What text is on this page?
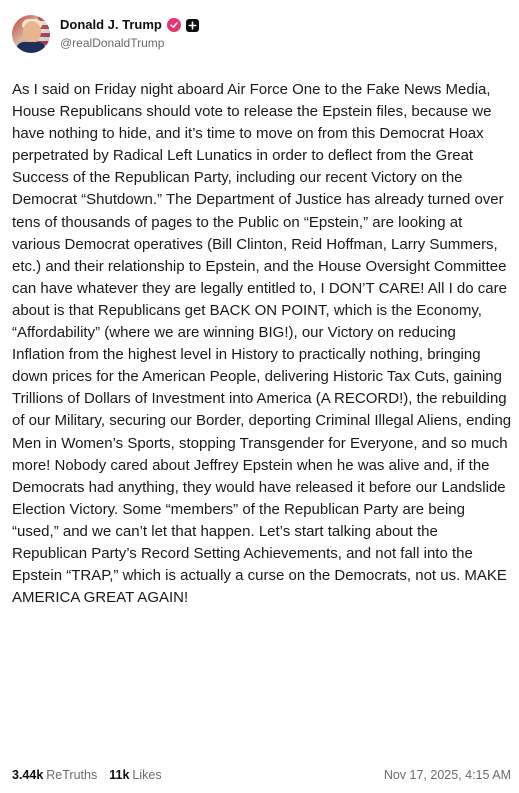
Donald J. Trump
@realDonaldTrump

As I said on Friday night aboard Air Force One to the Fake News Media, House Republicans should vote to release the Epstein files, because we have nothing to hide, and it’s time to move on from this Democrat Hoax perpetrated by Radical Left Lunatics in order to deflect from the Great Success of the Republican Party, including our recent Victory on the Democrat “Shutdown.” The Department of Justice has already turned over tens of thousands of pages to the Public on “Epstein,” are looking at various Democrat operatives (Bill Clinton, Reid Hoffman, Larry Summers, etc.) and their relationship to Epstein, and the House Oversight Committee can have whatever they are legally entitled to, I DON’T CARE! All I do care about is that Republicans get BACK ON POINT, which is the Economy, “Affordability” (where we are winning BIG!), our Victory on reducing Inflation from the highest level in History to practically nothing, bringing down prices for the American People, delivering Historic Tax Cuts, gaining Trillions of Dollars of Investment into America (A RECORD!), the rebuilding of our Military, securing our Border, deporting Criminal Illegal Aliens, ending Men in Women’s Sports, stopping Transgender for Everyone, and so much more! Nobody cared about Jeffrey Epstein when he was alive and, if the Democrats had anything, they would have released it before our Landslide Election Victory. Some “members” of the Republican Party are being “used,” and we can’t let that happen. Let’s start talking about the Republican Party’s Record Setting Achievements, and not fall into the Epstein “TRAP,” which is actually a curse on the Democrats, not us. MAKE AMERICA GREAT AGAIN!

3.44k ReTruths 11k Likes	Nov 17, 2025, 4:15 AM
